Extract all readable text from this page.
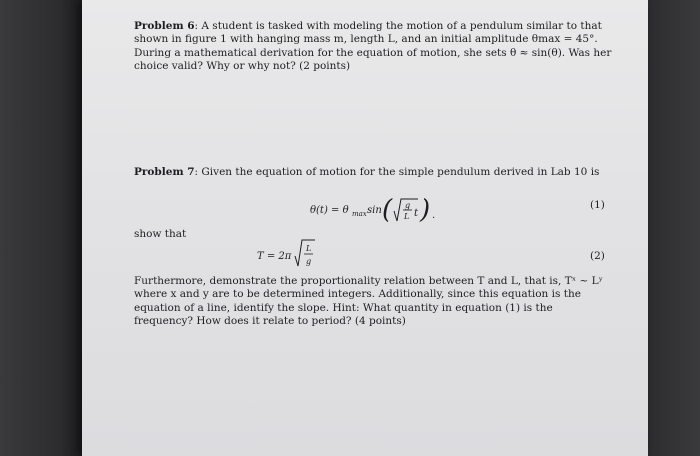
Problem 6: A student is tasked with modeling the motion of a pendulum similar to that shown in figure 1 with hanging mass m, length L, and an initial amplitude θmax = 45°. During a mathematical derivation for the equation of motion, she sets θ ≈ sin(θ). Was her choice valid? Why or why not? (2 points)
Problem 7: Given the equation of motion for the simple pendulum derived in Lab 10 is
θ(t) = θ max sin ( g
L t ) .
(1)
show that
T = 2π
L
g	(2)
Furthermore, demonstrate the proportionality relation between T and L, that is, Tˣ ~ Lʸ where x and y are to be determined integers. Additionally, since this equation is the equation of a line, identify the slope. Hint: What quantity in equation (1) is the frequency? How does it relate to period? (4 points)
